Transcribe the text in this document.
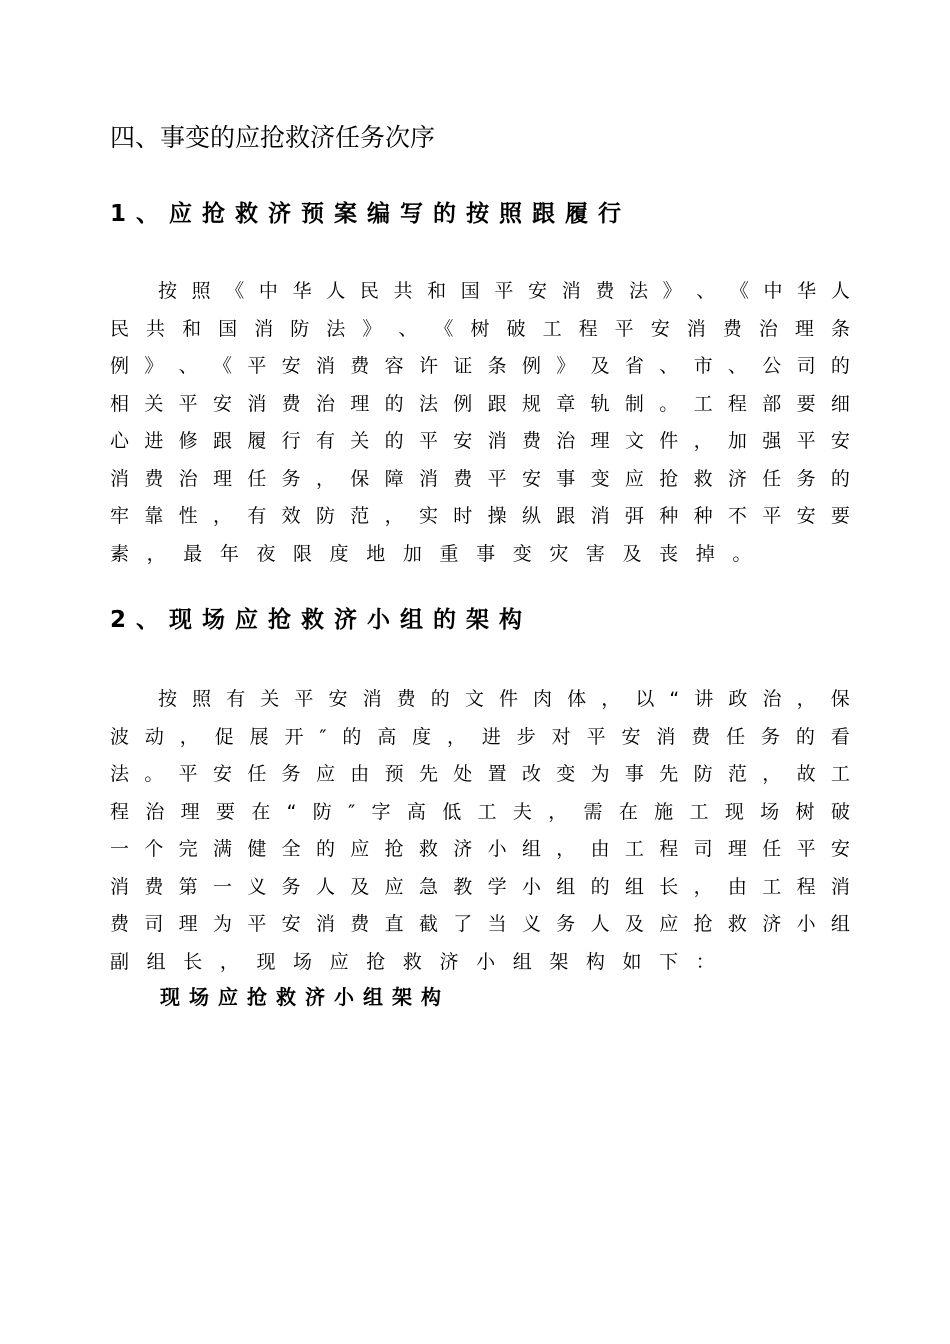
四、事变的应抢救济任务次序
1、应抢救济预案编写的按照跟履行
按 照 《 中 华 人 民 共 和 国 平 安 消 费 法 》 、 《 中 华 人
民 共 和 国 消 防 法 》 、 《 树 破 工 程 平 安 消 费 治 理 条
例 》 、 《 平 安 消 费 容 许 证 条 例 》 及 省 、 市 、 公 司 的
相 关 平 安 消 费 治 理 的 法 例 跟 规 章 轨 制 。 工 程 部 要 细
心 进 修 跟 履 行 有 关 的 平 安 消 费 治 理 文 件 ， 加 强 平 安
消 费 治 理 任 务 ， 保 障 消 费 平 安 事 变 应 抢 救 济 任 务 的
牢 靠 性 ， 有 效 防 范 ， 实 时 操 纵 跟 消 弭 种 种 不 平 安 要
素 ， 最 年 夜 限 度 地 加 重 事 变 灾 害 及 丧 掉 。
2、现场应抢救济小组的架构
按 照 有 关 平 安 消 费 的 文 件 肉 体 ， 以 “ 讲 政 治 ， 保
波 动 ， 促 展 开 ″ 的 高 度 ， 进 步 对 平 安 消 费 任 务 的 看
法 。 平 安 任 务 应 由 预 先 处 置 改 变 为 事 先 防 范 ， 故 工
程 治 理 要 在 “ 防 ″ 字 高 低 工 夫 ， 需 在 施 工 现 场 树 破
一 个 完 满 健 全 的 应 抢 救 济 小 组 ， 由 工 程 司 理 任 平 安
消 费 第 一 义 务 人 及 应 急 教 学 小 组 的 组 长 ， 由 工 程 消
费 司 理 为 平 安 消 费 直 截 了 当 义 务 人 及 应 抢 救 济 小 组
副 组 长 ， 现 场 应 抢 救 济 小 组 架 构 如 下 ：
现场应抢救济小组架构
